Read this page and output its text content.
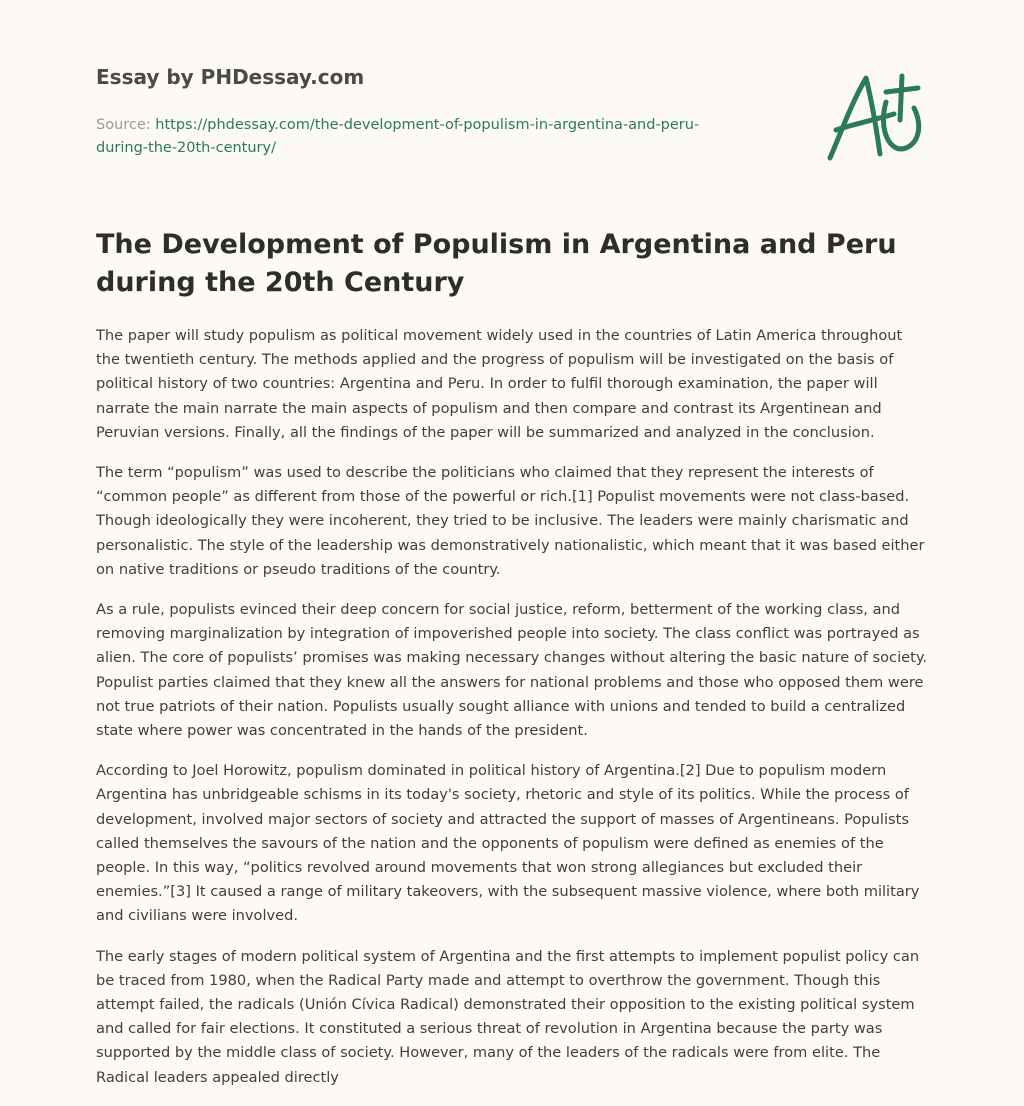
Essay by PHDessay.com
Source: https://phdessay.com/the-development-of-populism-in-argentina-and-peru-
during-the-20th-century/
The Development of Populism in Argentina and Peru during the 20th Century

The paper will study populism as political movement widely used in the countries of Latin America throughout the twentieth century. The methods applied and the progress of populism will be investigated on the basis of political history of two countries: Argentina and Peru. In order to fulfil thorough examination, the paper will narrate the main narrate the main aspects of populism and then compare and contrast its Argentinean and Peruvian versions. Finally, all the findings of the paper will be summarized and analyzed in the conclusion.

The term “populism” was used to describe the politicians who claimed that they represent the interests of “common people” as different from those of the powerful or rich.[1] Populist movements were not class-based. Though ideologically they were incoherent, they tried to be inclusive. The leaders were mainly charismatic and personalistic. The style of the leadership was demonstratively nationalistic, which meant that it was based either on native traditions or pseudo traditions of the country.

As a rule, populists evinced their deep concern for social justice, reform, betterment of the working class, and removing marginalization by integration of impoverished people into society. The class conflict was portrayed as alien. The core of populists’ promises was making necessary changes without altering the basic nature of society. Populist parties claimed that they knew all the answers for national problems and those who opposed them were not true patriots of their nation. Populists usually sought alliance with unions and tended to build a centralized state where power was concentrated in the hands of the president.

According to Joel Horowitz, populism dominated in political history of Argentina.[2] Due to populism modern Argentina has unbridgeable schisms in its today's society, rhetoric and style of its politics. While the process of development, involved major sectors of society and attracted the support of masses of Argentineans. Populists called themselves the savours of the nation and the opponents of populism were defined as enemies of the people. In this way, “politics revolved around movements that won strong allegiances but excluded their enemies.”[3] It caused a range of military takeovers, with the subsequent massive violence, where both military and civilians were involved.

The early stages of modern political system of Argentina and the first attempts to implement populist policy can be traced from 1980, when the Radical Party made and attempt to overthrow the government. Though this attempt failed, the radicals (Unión Cívica Radical) demonstrated their opposition to the existing political system and called for fair elections. It constituted a serious threat of revolution in Argentina because the party was supported by the middle class of society. However, many of the leaders of the radicals were from elite. The Radical leaders appealed directly
